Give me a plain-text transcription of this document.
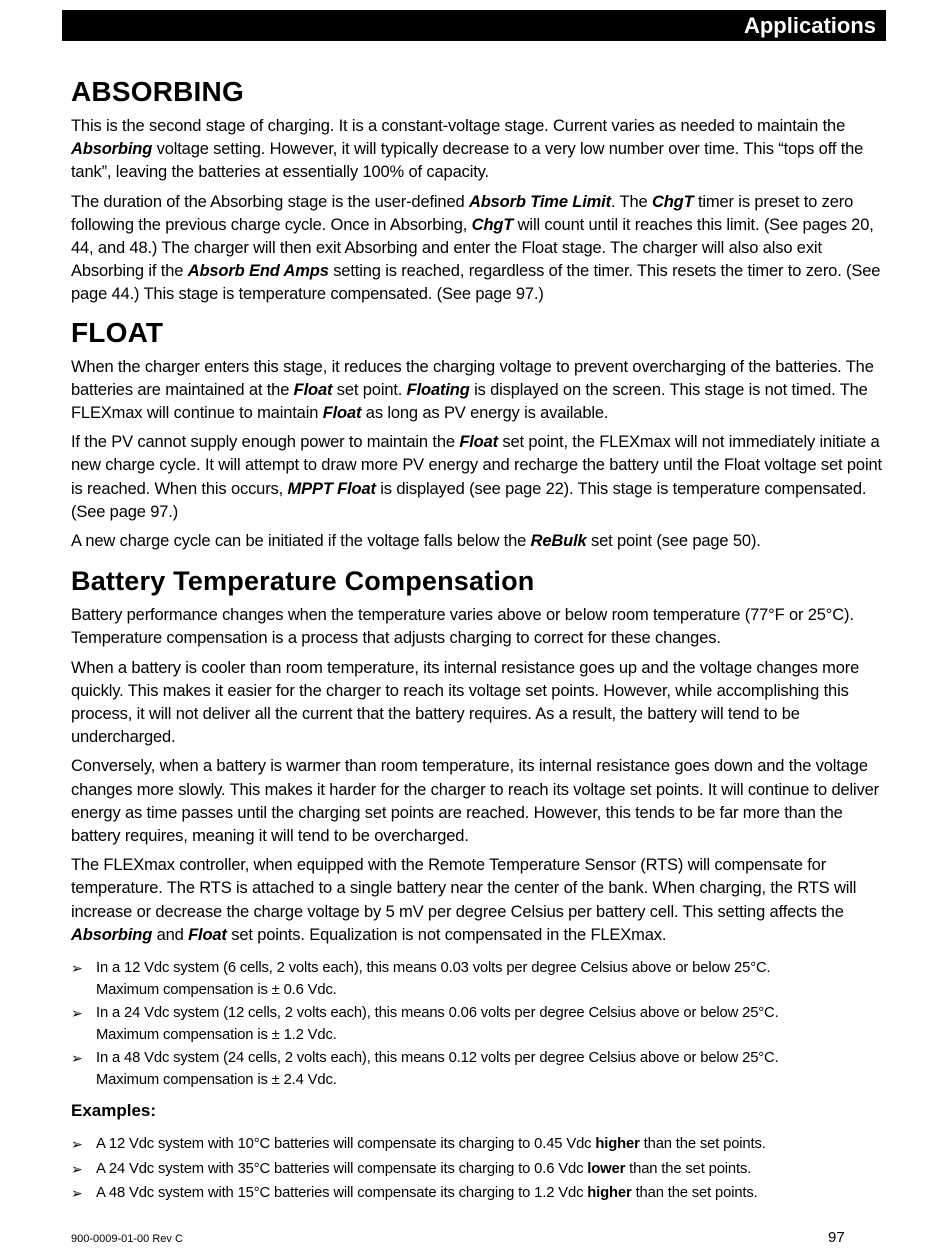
Applications
ABSORBING

This is the second stage of charging. It is a constant-voltage stage. Current varies as needed to maintain the Absorbing voltage setting. However, it will typically decrease to a very low number over time. This “tops off the tank”, leaving the batteries at essentially 100% of capacity.

The duration of the Absorbing stage is the user-defined Absorb Time Limit. The ChgT timer is preset to zero following the previous charge cycle. Once in Absorbing, ChgT will count until it reaches this limit. (See pages 20, 44, and 48.) The charger will then exit Absorbing and enter the Float stage. The charger will also also exit Absorbing if the Absorb End Amps setting is reached, regardless of the timer. This resets the timer to zero. (See page 44.) This stage is temperature compensated. (See page 97.)

FLOAT

When the charger enters this stage, it reduces the charging voltage to prevent overcharging of the batteries. The batteries are maintained at the Float set point. Floating is displayed on the screen. This stage is not timed. The FLEXmax will continue to maintain Float as long as PV energy is available.

If the PV cannot supply enough power to maintain the Float set point, the FLEXmax will not immediately initiate a new charge cycle. It will attempt to draw more PV energy and recharge the battery until the Float voltage set point is reached. When this occurs, MPPT Float is displayed (see page 22). This stage is temperature compensated. (See page 97.)

A new charge cycle can be initiated if the voltage falls below the ReBulk set point (see page 50).

Battery Temperature Compensation

Battery performance changes when the temperature varies above or below room temperature (77°F or 25°C). Temperature compensation is a process that adjusts charging to correct for these changes.

When a battery is cooler than room temperature, its internal resistance goes up and the voltage changes more quickly. This makes it easier for the charger to reach its voltage set points. However, while accomplishing this process, it will not deliver all the current that the battery requires. As a result, the battery will tend to be undercharged.

Conversely, when a battery is warmer than room temperature, its internal resistance goes down and the voltage changes more slowly. This makes it harder for the charger to reach its voltage set points. It will continue to deliver energy as time passes until the charging set points are reached. However, this tends to be far more than the battery requires, meaning it will tend to be overcharged.

The FLEXmax controller, when equipped with the Remote Temperature Sensor (RTS) will compensate for temperature. The RTS is attached to a single battery near the center of the bank. When charging, the RTS will increase or decrease the charge voltage by 5 mV per degree Celsius per battery cell. This setting affects the Absorbing and Float set points. Equalization is not compensated in the FLEXmax.

➢ In a 12 Vdc system (6 cells, 2 volts each), this means 0.03 volts per degree Celsius above or below 25°C.
Maximum compensation is ± 0.6 Vdc.
➢ In a 24 Vdc system (12 cells, 2 volts each), this means 0.06 volts per degree Celsius above or below 25°C.
Maximum compensation is ± 1.2 Vdc.
➢ In a 48 Vdc system (24 cells, 2 volts each), this means 0.12 volts per degree Celsius above or below 25°C.
Maximum compensation is ± 2.4 Vdc.
Examples:
➢ A 12 Vdc system with 10°C batteries will compensate its charging to 0.45 Vdc higher than the set points.
➢ A 24 Vdc system with 35°C batteries will compensate its charging to 0.6 Vdc lower than the set points.
➢ A 48 Vdc system with 15°C batteries will compensate its charging to 1.2 Vdc higher than the set points.
900-0009-01-00 Rev C	97
